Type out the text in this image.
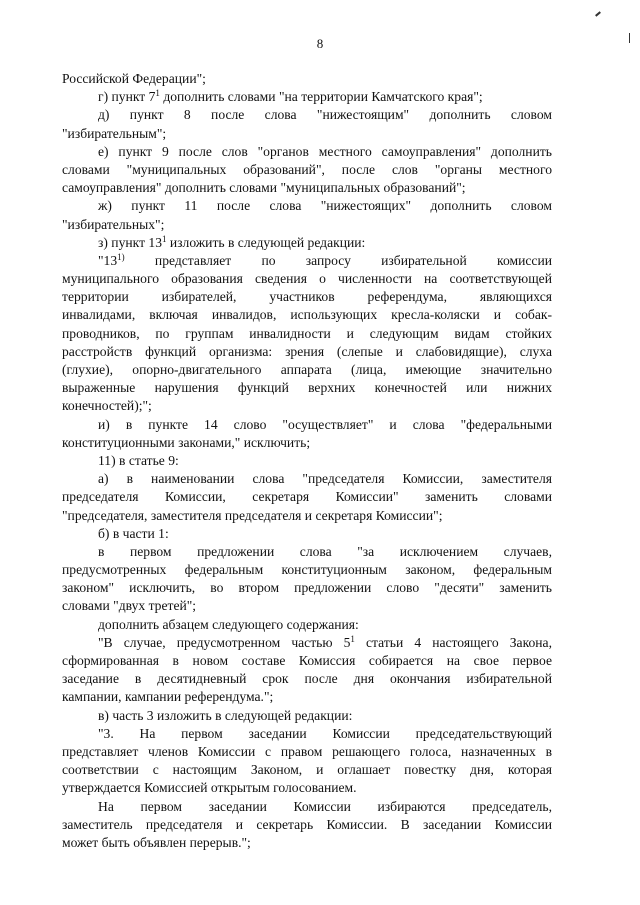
8
Российской Федерации";
г) пункт $7^1$ дополнить словами "на территории Камчатского края";
д) пункт 8 после слова "нижестоящим" дополнить словом
"избирательным";
е) пункт 9 после слов "органов местного самоуправления" дополнить
словами "муниципальных образований", после слов "органы местного
самоуправления" дополнить словами "муниципальных образований";
ж) пункт 11 после слова "нижестоящих" дополнить словом
"избирательных";
з) пункт $13^1$ изложить в следующей редакции:
"13$^{1)}$ представляет по запросу избирательной комиссии
муниципального образования сведения о численности на соответствующей
территории избирателей, участников референдума, являющихся
инвалидами, включая инвалидов, использующих кресла-коляски и собак-
проводников, по группам инвалидности и следующим видам стойких
расстройств функций организма: зрения (слепые и слабовидящие), слуха
(глухие), опорно-двигательного аппарата (лица, имеющие значительно
выраженные нарушения функций верхних конечностей или нижних
конечностей);";
и) в пункте 14 слово "осуществляет" и слова "федеральными
конституционными законами," исключить;
11) в статье 9:
а) в наименовании слова "председателя Комиссии, заместителя
председателя Комиссии, секретаря Комиссии" заменить словами
"председателя, заместителя председателя и секретаря Комиссии";
б) в части 1:
в первом предложении слова "за исключением случаев,
предусмотренных федеральным конституционным законом, федеральным
законом" исключить, во втором предложении слово "десяти" заменить
словами "двух третей";
дополнить абзацем следующего содержания:
"В случае, предусмотренном частью $5^1$ статьи 4 настоящего Закона,
сформированная в новом составе Комиссия собирается на свое первое
заседание в десятидневный срок после дня окончания избирательной
кампании, кампании референдума.";
в) часть 3 изложить в следующей редакции:
"3. На первом заседании Комиссии председательствующий
представляет членов Комиссии с правом решающего голоса, назначенных в
соответствии с настоящим Законом, и оглашает повестку дня, которая
утверждается Комиссией открытым голосованием.
На первом заседании Комиссии избираются председатель,
заместитель председателя и секретарь Комиссии. В заседании Комиссии
может быть объявлен перерыв.";
